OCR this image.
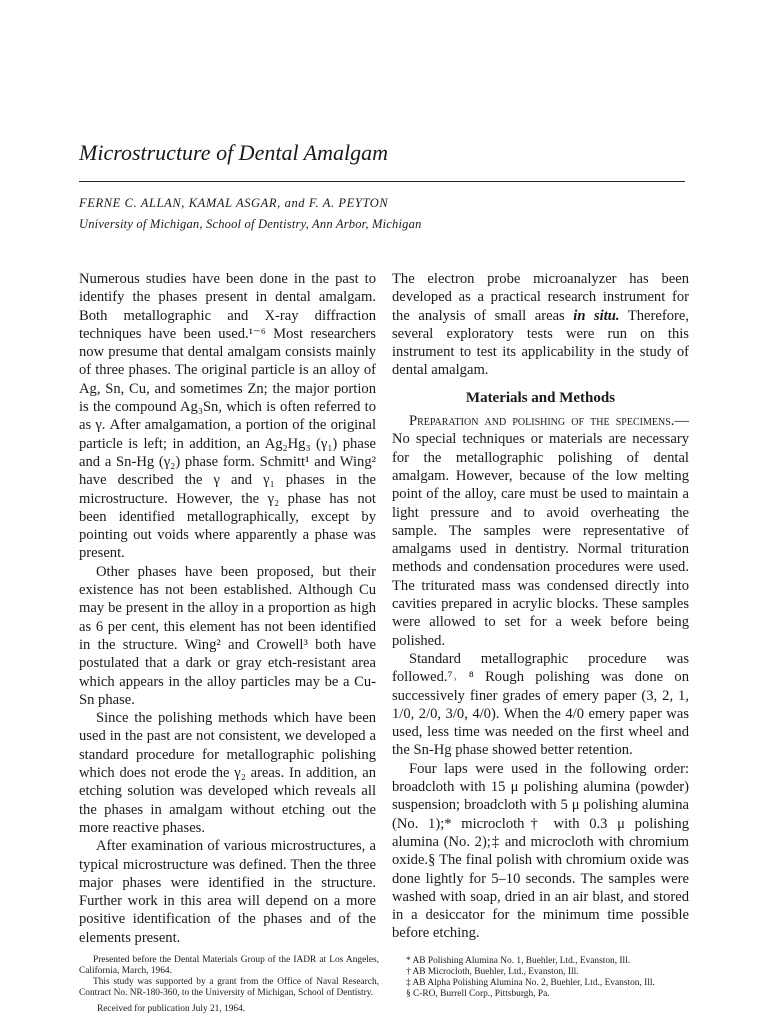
Microstructure of Dental Amalgam
FERNE C. ALLAN, KAMAL ASGAR, and F. A. PEYTON
University of Michigan, School of Dentistry, Ann Arbor, Michigan

Numerous studies have been done in the past to identify the phases present in dental amalgam. Both metallographic and X-ray diffraction techniques have been used.¹⁻⁶ Most researchers now presume that dental amalgam consists mainly of three phases. The original particle is an alloy of Ag, Sn, Cu, and sometimes Zn; the major portion is the compound Ag₃Sn, which is often referred to as γ. After amalgamation, a portion of the original particle is left; in addition, an Ag₂Hg₃ (γ₁) phase and a Sn-Hg (γ₂) phase form. Schmitt¹ and Wing² have described the γ and γ₁ phases in the microstructure. However, the γ₂ phase has not been identified metallographically, except by pointing out voids where apparently a phase was present.

Other phases have been proposed, but their existence has not been established. Although Cu may be present in the alloy in a proportion as high as 6 per cent, this element has not been identified in the structure. Wing² and Crowell³ both have postulated that a dark or gray etch-resistant area which appears in the alloy particles may be a Cu-Sn phase.

Since the polishing methods which have been used in the past are not consistent, we developed a standard procedure for metallographic polishing which does not erode the γ₂ areas. In addition, an etching solution was developed which reveals all the phases in amalgam without etching out the more reactive phases.

After examination of various microstructures, a typical microstructure was defined. Then the three major phases were identified in the structure. Further work in this area will depend on a more positive identification of the phases and of the elements present.

The electron probe microanalyzer has been developed as a practical research instrument for the analysis of small areas in situ. Therefore, several exploratory tests were run on this instrument to test its applicability in the study of dental amalgam.

Materials and Methods

Preparation and polishing of the specimens.—No special techniques or materials are necessary for the metallographic polishing of dental amalgam. However, because of the low melting point of the alloy, care must be used to maintain a light pressure and to avoid overheating the sample. The samples were representative of amalgams used in dentistry. Normal trituration methods and condensation procedures were used. The triturated mass was condensed directly into cavities prepared in acrylic blocks. These samples were allowed to set for a week before being polished.

Standard metallographic procedure was followed.⁷˒ ⁸ Rough polishing was done on successively finer grades of emery paper (3, 2, 1, 1/0, 2/0, 3/0, 4/0). When the 4/0 emery paper was used, less time was needed on the first wheel and the Sn-Hg phase showed better retention.

Four laps were used in the following order: broadcloth with 15 μ polishing alumina (powder) suspension; broadcloth with 5 μ polishing alumina (No. 1);* microcloth† with 0.3 μ polishing alumina (No. 2);‡ and microcloth with chromium oxide.§ The final polish with chromium oxide was done lightly for 5–10 seconds. The samples were washed with soap, dried in an air blast, and stored in a desiccator for the minimum time possible before etching.

Presented before the Dental Materials Group of the IADR at Los Angeles, California, March, 1964.

This study was supported by a grant from the Office of Naval Research, Contract No. NR-180-360, to the University of Michigan, School of Dentistry.

Received for publication July 21, 1964.

* AB Polishing Alumina No. 1, Buehler, Ltd., Evanston, Ill.

† AB Microcloth, Buehler, Ltd., Evanston, Ill.

‡ AB Alpha Polishing Alumina No. 2, Buehler, Ltd., Evanston, Ill.

§ C-RO, Burrell Corp., Pittsburgh, Pa.
